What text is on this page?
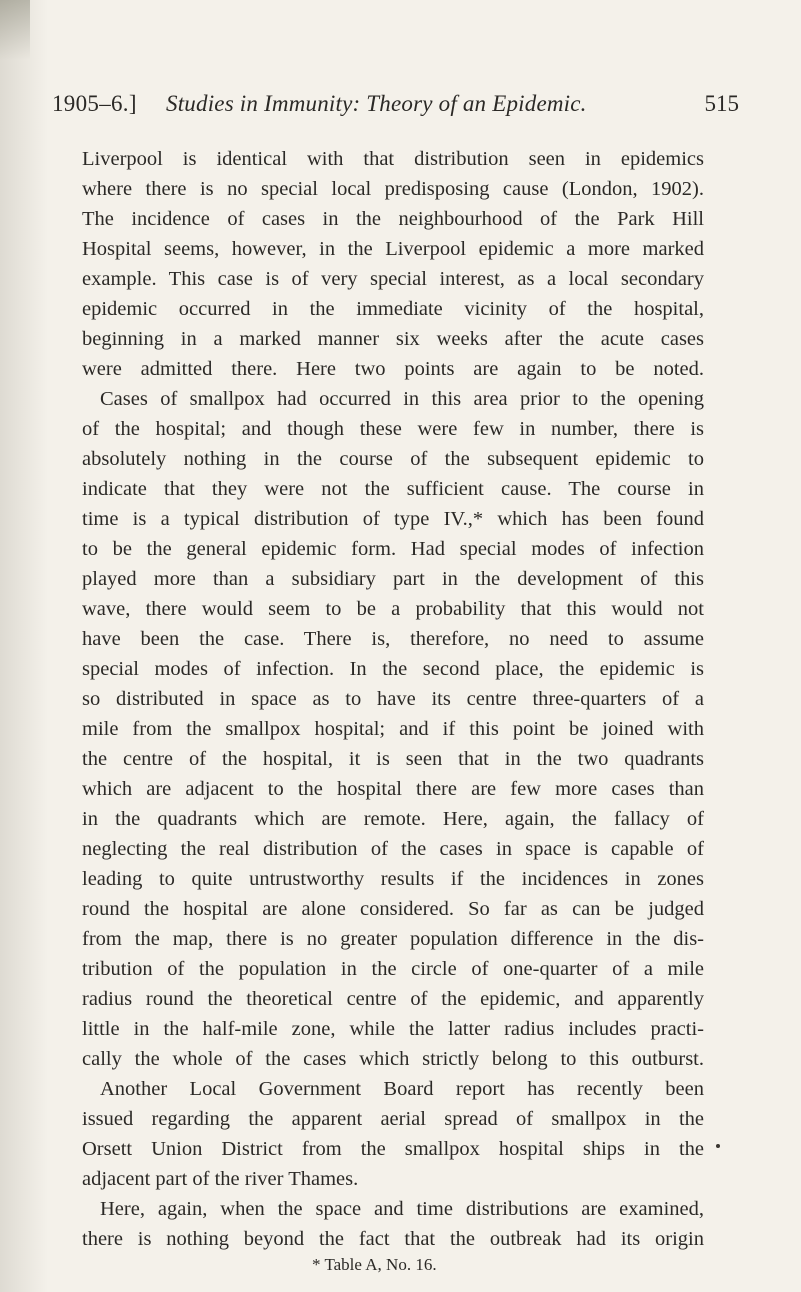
1905–6.] Studies in Immunity: Theory of an Epidemic.	515
Liverpool is identical with that distribution seen in epidemics
where there is no special local predisposing cause (London, 1902).
The incidence of cases in the neighbourhood of the Park Hill
Hospital seems, however, in the Liverpool epidemic a more marked
example. This case is of very special interest, as a local secondary
epidemic occurred in the immediate vicinity of the hospital,
beginning in a marked manner six weeks after the acute cases
were admitted there. Here two points are again to be noted.
Cases of smallpox had occurred in this area prior to the opening
of the hospital; and though these were few in number, there is
absolutely nothing in the course of the subsequent epidemic to
indicate that they were not the sufficient cause. The course in
time is a typical distribution of type IV.,* which has been found
to be the general epidemic form. Had special modes of infection
played more than a subsidiary part in the development of this
wave, there would seem to be a probability that this would not
have been the case. There is, therefore, no need to assume
special modes of infection. In the second place, the epidemic is
so distributed in space as to have its centre three-quarters of a
mile from the smallpox hospital; and if this point be joined with
the centre of the hospital, it is seen that in the two quadrants
which are adjacent to the hospital there are few more cases than
in the quadrants which are remote. Here, again, the fallacy of
neglecting the real distribution of the cases in space is capable of
leading to quite untrustworthy results if the incidences in zones
round the hospital are alone considered. So far as can be judged
from the map, there is no greater population difference in the dis-
tribution of the population in the circle of one-quarter of a mile
radius round the theoretical centre of the epidemic, and apparently
little in the half-mile zone, while the latter radius includes practi-
cally the whole of the cases which strictly belong to this outburst.
Another Local Government Board report has recently been
issued regarding the apparent aerial spread of smallpox in the
Orsett Union District from the smallpox hospital ships in the
adjacent part of the river Thames.
Here, again, when the space and time distributions are examined,
there is nothing beyond the fact that the outbreak had its origin
* Table A, No. 16.
